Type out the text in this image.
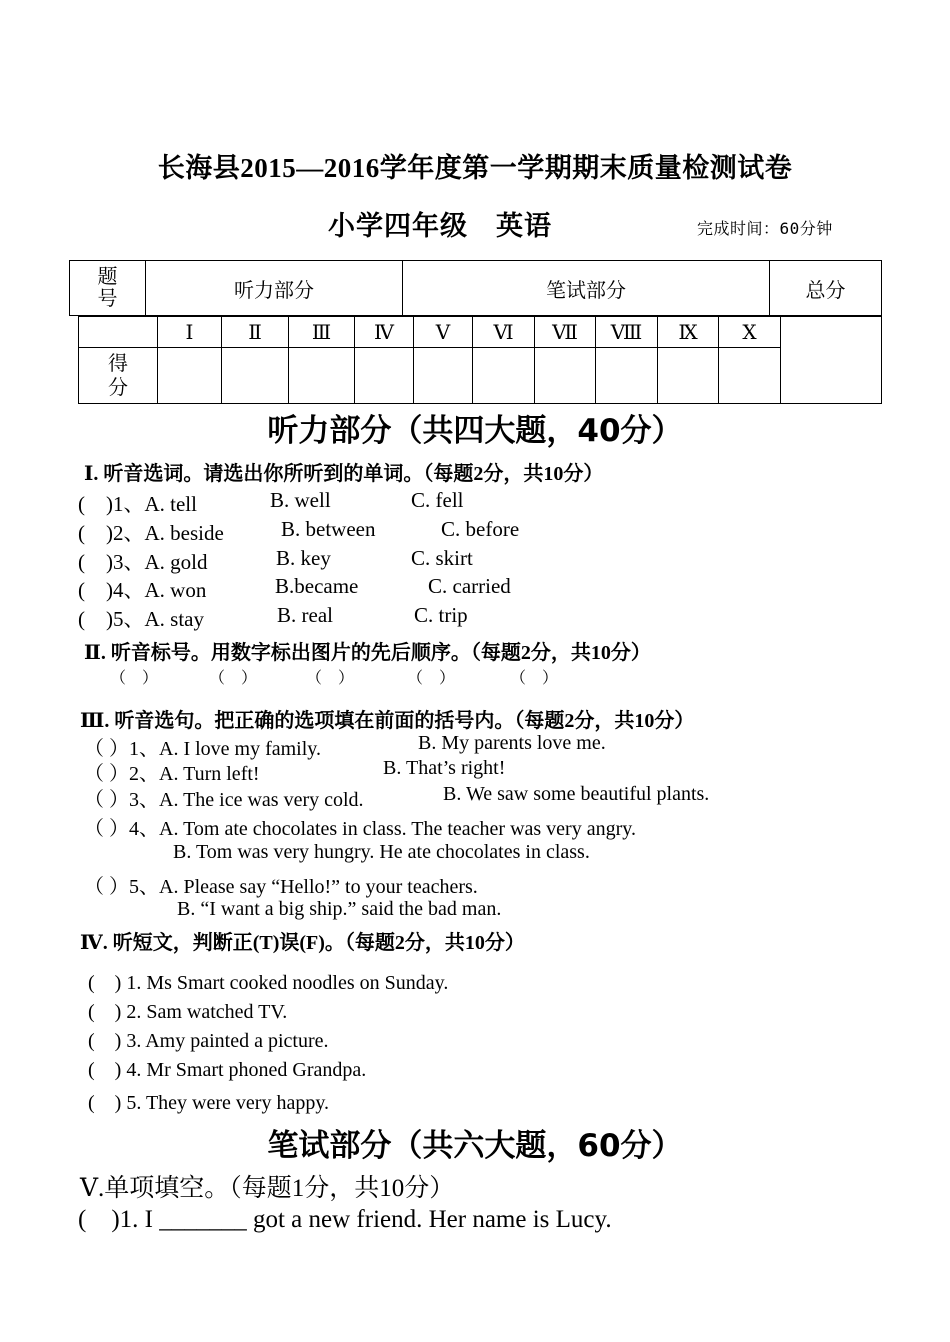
长海县2015—2016学年度第一学期期末质量检测试卷
小学四年级　英语	完成时间：60分钟
题号	听力部分	笔试部分	总分
	Ⅰ	Ⅱ	Ⅲ	Ⅳ	Ⅴ	Ⅵ	Ⅶ	Ⅷ	Ⅸ	Ⅹ	
得分											
听力部分（共四大题，40分）
Ⅰ. 听音选词。请选出你所听到的单词。（每题2分，共10分）
(　)1、A. tell	B. well	C. fell
(　)2、A. beside	B. between	C. before
(　)3、A. gold	B. key	C. skirt
(　)4、A. won	B.became	C. carried
(　)5、A. stay	B. real	C. trip
Ⅱ. 听音标号。用数字标出图片的先后顺序。（每题2分，共10分）
（　）	（　）	（　）	（　）	（　）
Ⅲ. 听音选句。把正确的选项填在前面的括号内。（每题2分，共10分）
（ ）1、A. I love my family.	B. My parents love me.
（ ）2、A. Turn left!	B. That’s right!
（ ）3、A. The ice was very cold.	B. We saw some beautiful plants.
（ ）4、A. Tom ate chocolates in class. The teacher was very angry.
B. Tom was very hungry. He ate chocolates in class.
（ ）5、A. Please say “Hello!” to your teachers.
B. “I want a big ship.” said the bad man.
Ⅳ. 听短文，判断正(T)误(F)。（每题2分，共10分）
(　) 1. Ms Smart cooked noodles on Sunday.
(　) 2. Sam watched TV.
(　) 3. Amy painted a picture.
(　) 4. Mr Smart phoned Grandpa.
(　) 5. They were very happy.
笔试部分（共六大题，60分）
Ⅴ.单项填空。（每题1分，共10分）
(　)1. I _______ got a new friend. Her name is Lucy.
